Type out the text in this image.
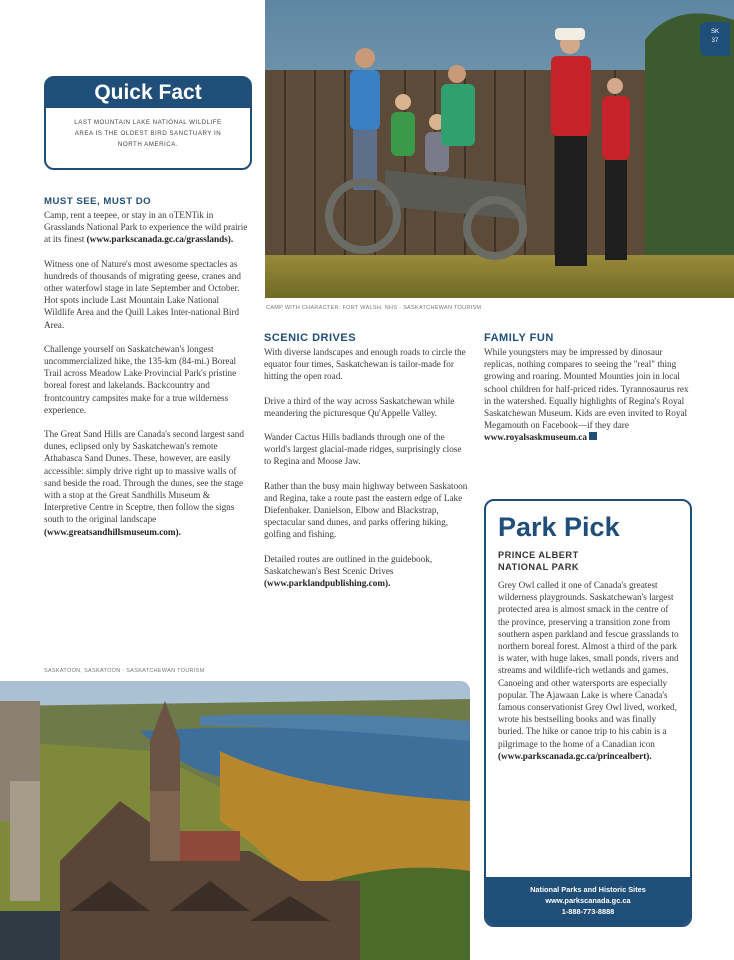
Quick Fact
LAST MOUNTAIN LAKE NATIONAL WILDLIFE AREA IS THE OLDEST BIRD SANCTUARY IN NORTH AMERICA.
MUST SEE, MUST DO

Camp, rent a teepee, or stay in an oTENTik in Grasslands National Park to experience the wild prairie at its finest (www.parkscanada.gc.ca/grasslands).

Witness one of Nature's most awesome spectacles as hundreds of thousands of migrating geese, cranes and other waterfowl stage in late September and October. Hot spots include Last Mountain Lake National Wildlife Area and the Quill Lakes Inter-national Bird Area.

Challenge yourself on Saskatchewan's longest uncommercialized hike, the 135-km (84-mi.) Boreal Trail across Meadow Lake Provincial Park's pristine boreal forest and lakelands. Backcountry and frontcountry campsites make for a true wilderness experience.

The Great Sand Hills are Canada's second largest sand dunes, eclipsed only by Saskatchewan's remote Athabasca Sand Dunes. These, however, are easily accessible: simply drive right up to massive walls of sand beside the road. Through the dunes, see the stage with a stop at the Great Sandhills Museum & Interpretive Centre in Sceptre, then follow the signs south to the original landscape (www.greatsandhillsmuseum.com).

SK
37
CAMP WITH CHARACTER: FORT WALSH, NHS · SASKATCHEWAN TOURISM
SCENIC DRIVES

With diverse landscapes and enough roads to circle the equator four times, Saskatchewan is tailor-made for hitting the open road.

Drive a third of the way across Saskatchewan while meandering the picturesque Qu'Appelle Valley.

Wander Cactus Hills badlands through one of the world's largest glacial-made ridges, surprisingly close to Regina and Moose Jaw.

Rather than the busy main highway between Saskatoon and Regina, take a route past the eastern edge of Lake Diefenbaker. Danielson, Elbow and Blackstrap, spectacular sand dunes, and parks offering hiking, golfing and fishing.

Detailed routes are outlined in the guidebook, Saskatchewan's Best Scenic Drives (www.parklandpublishing.com).

FAMILY FUN

While youngsters may be impressed by dinosaur replicas, nothing compares to seeing the "real" thing growing and roaring. Mounted Mounties join in local school children for half-priced rides. Tyrannosaurus rex in the watershed. Equally highlights of Regina's Royal Saskatchewan Museum. Kids are even invited to Royal Megamouth on Facebook—if they dare www.royalsaskmuseum.ca

Park Pick
PRINCE ALBERT
NATIONAL PARK
Grey Owl called it one of Canada's greatest wilderness playgrounds. Saskatchewan's largest protected area is almost smack in the centre of the province, preserving a transition zone from southern aspen parkland and fescue grasslands to northern boreal forest. Almost a third of the park is water, with huge lakes, small ponds, rivers and streams and wildlife-rich wetlands and games. Canoeing and other watersports are especially popular. The Ajawaan Lake is where Canada's famous conservationist Grey Owl lived, worked, wrote his bestselling books and was finally buried. The hike or canoe trip to his cabin is a pilgrimage to the home of a Canadian icon (www.parkscanada.gc.ca/princealbert).
National Parks and Historic Sites
www.parkscanada.gc.ca
1-888-773-8888
SASKATOON, SASKATOON · SASKATCHEWAN TOURISM
